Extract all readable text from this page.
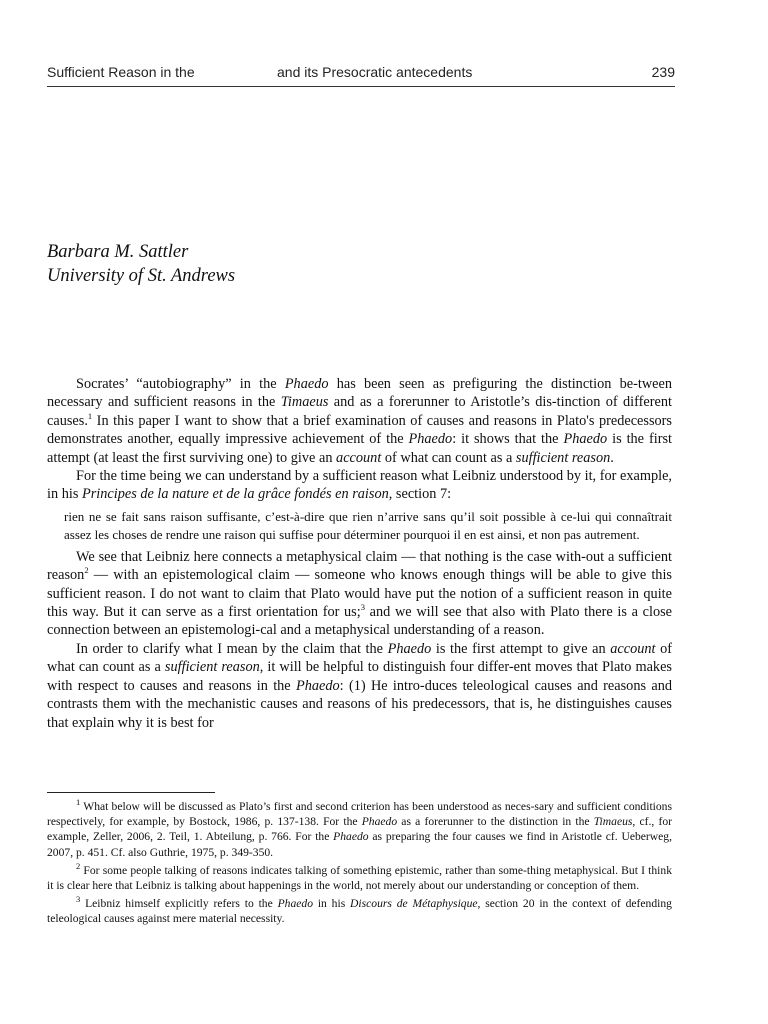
Sufficient Reason in the	and its Presocratic antecedents	239
Barbara M. Sattler
University of St. Andrews

Socrates’ “autobiography” in the Phaedo has been seen as prefiguring the distinction be-tween necessary and sufficient reasons in the Timaeus and as a forerunner to Aristotle’s dis-tinction of different causes.$^1$ In this paper I want to show that a brief examination of causes and reasons in Plato's predecessors demonstrates another, equally impressive achievement of the Phaedo: it shows that the Phaedo is the first attempt (at least the first surviving one) to give an account of what can count as a sufficient reason.

For the time being we can understand by a sufficient reason what Leibniz understood by it, for example, in his Principes de la nature et de la grâce fondés en raison, section 7:

rien ne se fait sans raison suffisante, c’est-à-dire que rien n’arrive sans qu’il soit possible à ce-lui qui connaîtrait assez les choses de rendre une raison qui suffise pour déterminer pourquoi il en est ainsi, et non pas autrement.

We see that Leibniz here connects a metaphysical claim — that nothing is the case with-out a sufficient reason$^2$ — with an epistemological claim — someone who knows enough things will be able to give this sufficient reason. I do not want to claim that Plato would have put the notion of a sufficient reason in quite this way. But it can serve as a first orientation for us;$^3$ and we will see that also with Plato there is a close connection between an epistemologi-cal and a metaphysical understanding of a reason.

In order to clarify what I mean by the claim that the Phaedo is the first attempt to give an account of what can count as a sufficient reason, it will be helpful to distinguish four differ-ent moves that Plato makes with respect to causes and reasons in the Phaedo: (1) He intro-duces teleological causes and reasons and contrasts them with the mechanistic causes and reasons of his predecessors, that is, he distinguishes causes that explain why it is best for

$^1$ What below will be discussed as Plato’s first and second criterion has been understood as neces-sary and sufficient conditions respectively, for example, by Bostock, 1986, p. 137-138. For the Phaedo as a forerunner to the distinction in the Timaeus, cf., for example, Zeller, 2006, 2. Teil, 1. Abteilung, p. 766. For the Phaedo as preparing the four causes we find in Aristotle cf. Ueberweg, 2007, p. 451. Cf. also Guthrie, 1975, p. 349-350.

$^2$ For some people talking of reasons indicates talking of something epistemic, rather than some-thing metaphysical. But I think it is clear here that Leibniz is talking about happenings in the world, not merely about our understanding or conception of them.

$^3$ Leibniz himself explicitly refers to the Phaedo in his Discours de Métaphysique, section 20 in the context of defending teleological causes against mere material necessity.
